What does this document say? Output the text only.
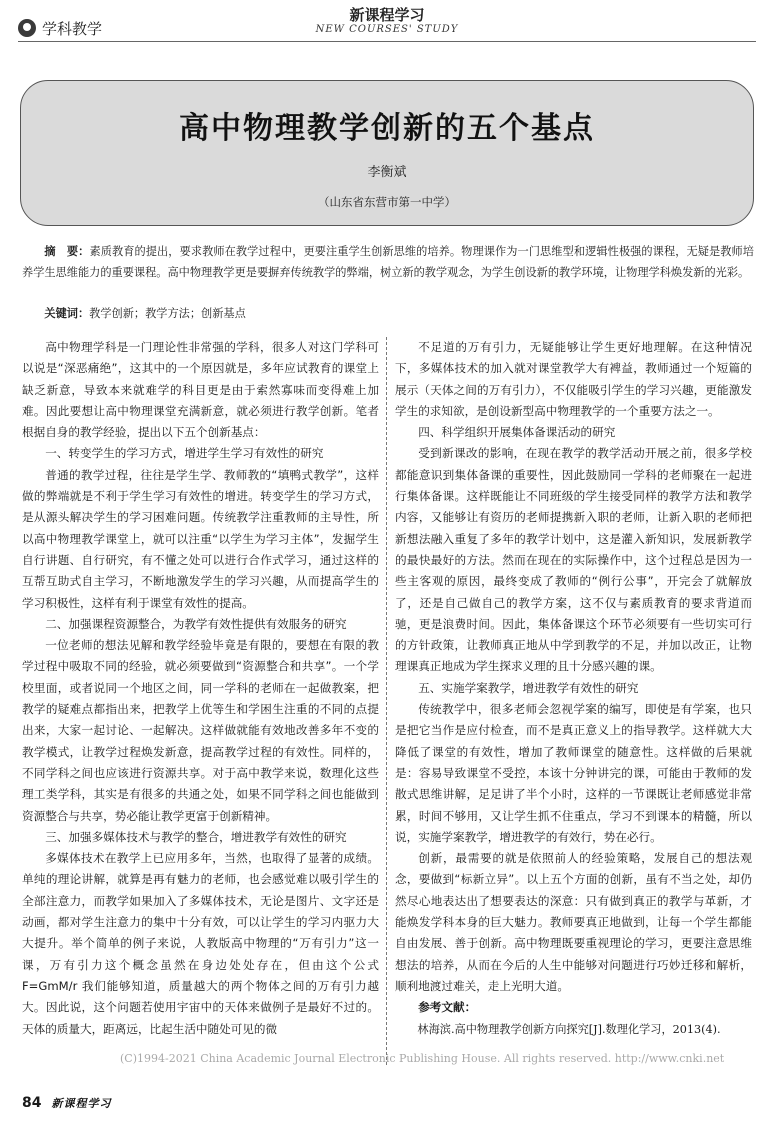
学科教学
新课程学习
NEW COURSES' STUDY
高中物理教学创新的五个基点
李衡斌
（山东省东营市第一中学）
摘　要：素质教育的提出，要求教师在教学过程中，更要注重学生创新思维的培养。物理课作为一门思维型和逻辑性极强的课程，无疑是教师培养学生思维能力的重要课程。高中物理教学更是要摒弃传统教学的弊端，树立新的教学观念，为学生创设新的教学环境，让物理学科焕发新的光彩。
关键词：教学创新；教学方法；创新基点

高中物理学科是一门理论性非常强的学科，很多人对这门学科可以说是“深恶痛绝”，这其中的一个原因就是，多年应试教育的课堂上缺乏新意，导致本来就难学的科目更是由于索然寡味而变得难上加难。因此要想让高中物理课堂充满新意，就必须进行教学创新。笔者根据自身的教学经验，提出以下五个创新基点：

一、转变学生的学习方式，增进学生学习有效性的研究

普通的教学过程，往往是学生学、教师教的“填鸭式教学”，这样做的弊端就是不利于学生学习有效性的增进。转变学生的学习方式，是从源头解决学生的学习困难问题。传统教学注重教师的主导性，所以高中物理教学课堂上，就可以注重“以学生为学习主体”，发掘学生自行讲题、自行研究，有不懂之处可以进行合作式学习，通过这样的互帮互助式自主学习，不断地激发学生的学习兴趣，从而提高学生的学习积极性，这样有利于课堂有效性的提高。

二、加强课程资源整合，为教学有效性提供有效服务的研究

一位老师的想法见解和教学经验毕竟是有限的，要想在有限的教学过程中吸取不同的经验，就必须要做到“资源整合和共享”。一个学校里面，或者说同一个地区之间，同一学科的老师在一起做教案，把教学的疑难点都指出来，把教学上优等生和学困生注重的不同的点提出来，大家一起讨论、一起解决。这样做就能有效地改善多年不变的教学模式，让教学过程焕发新意，提高教学过程的有效性。同样的，不同学科之间也应该进行资源共享。对于高中教学来说，数理化这些理工类学科，其实是有很多的共通之处，如果不同学科之间也能做到资源整合与共享，势必能让教学更富于创新精神。

三、加强多媒体技术与教学的整合，增进教学有效性的研究

多媒体技术在教学上已应用多年，当然，也取得了显著的成绩。单纯的理论讲解，就算是再有魅力的老师，也会感觉难以吸引学生的全部注意力，而教学如果加入了多媒体技术，无论是图片、文字还是动画，都对学生注意力的集中十分有效，可以让学生的学习内驱力大大提升。举个简单的例子来说，人教版高中物理的“万有引力”这一课，万有引力这个概念虽然在身边处处存在，但由这个公式 F=GmM/r 我们能够知道，质量越大的两个物体之间的万有引力越大。因此说，这个问题若使用宇宙中的天体来做例子是最好不过的。天体的质量大，距离远，比起生活中随处可见的微

不足道的万有引力，无疑能够让学生更好地理解。在这种情况下，多媒体技术的加入就对课堂教学大有裨益，教师通过一个短篇的展示（天体之间的万有引力），不仅能吸引学生的学习兴趣，更能激发学生的求知欲，是创设新型高中物理教学的一个重要方法之一。

四、科学组织开展集体备课活动的研究

受到新课改的影响，在现在教学的教学活动开展之前，很多学校都能意识到集体备课的重要性，因此鼓励同一学科的老师聚在一起进行集体备课。这样既能让不同班级的学生接受同样的教学方法和教学内容，又能够让有资历的老师提携新入职的老师，让新入职的老师把新想法融入重复了多年的教学计划中，这是灌入新知识，发展新教学的最快最好的方法。然而在现在的实际操作中，这个过程总是因为一些主客观的原因，最终变成了教师的“例行公事”，开完会了就解放了，还是自己做自己的教学方案，这不仅与素质教育的要求背道而驰，更是浪费时间。因此，集体备课这个环节必须要有一些切实可行的方针政策，让教师真正地从中学到教学的不足，并加以改正，让物理课真正地成为学生探求义理的且十分感兴趣的课。

五、实施学案教学，增进教学有效性的研究

传统教学中，很多老师会忽视学案的编写，即使是有学案，也只是把它当作是应付检查，而不是真正意义上的指导教学。这样就大大降低了课堂的有效性，增加了教师课堂的随意性。这样做的后果就是：容易导致课堂不受控，本该十分钟讲完的课，可能由于教师的发散式思维讲解，足足讲了半个小时，这样的一节课既让老师感觉非常累，时间不够用，又让学生抓不住重点，学习不到课本的精髓，所以说，实施学案教学，增进教学的有效行，势在必行。

创新，最需要的就是依照前人的经验策略，发展自己的想法观念，要做到“标新立异”。以上五个方面的创新，虽有不当之处，却仍然尽心地表达出了想要表达的深意：只有做到真正的教学与革新，才能焕发学科本身的巨大魅力。教师要真正地做到，让每一个学生都能自由发展、善于创新。高中物理既要重视理论的学习，更要注意思维想法的培养，从而在今后的人生中能够对问题进行巧妙迁移和解析，顺利地渡过难关，走上光明大道。

参考文献：

林海滨.高中物理教学创新方向探究[J].数理化学习，2013(4).

(C)1994-2021 China Academic Journal Electronic Publishing House. All rights reserved. http://www.cnki.net
84 新课程学习
